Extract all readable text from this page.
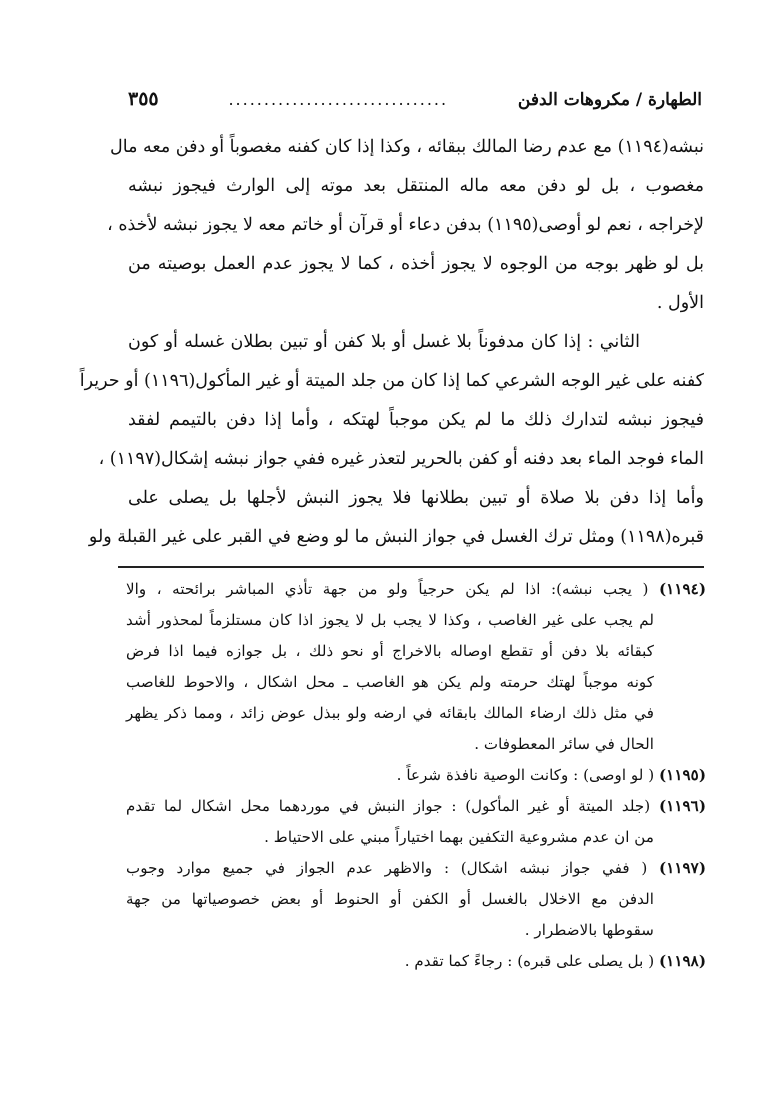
الطهارة / مكروهات الدفن
...............................
٣٥٥
نبشه(١١٩٤) مع عدم رضا المالك ببقائه ، وكذا إذا كان كفنه مغصوباً أو دفن معه مال
مغصوب ، بل لو دفن معه ماله المنتقل بعد موته إلى الوارث فيجوز نبشه
لإخراجه ، نعم لو أوصى(١١٩٥) بدفن دعاء أو قرآن أو خاتم معه لا يجوز نبشه لأخذه ،
بل لو ظهر بوجه من الوجوه لا يجوز أخذه ، كما لا يجوز عدم العمل بوصيته من
الأول .
الثاني : إذا كان مدفوناً بلا غسل أو بلا كفن أو تبين بطلان غسله أو كون
كفنه على غير الوجه الشرعي كما إذا كان من جلد الميتة أو غير المأكول(١١٩٦) أو حريراً
فيجوز نبشه لتدارك ذلك ما لم يكن موجباً لهتكه ، وأما إذا دفن بالتيمم لفقد
الماء فوجد الماء بعد دفنه أو كفن بالحرير لتعذر غيره ففي جواز نبشه إشكال(١١٩٧) ،
وأما إذا دفن بلا صلاة أو تبين بطلانها فلا يجوز النبش لأجلها بل يصلى على
قبره(١١٩٨) ومثل ترك الغسل في جواز النبش ما لو وضع في القبر على غير القبلة ولو
(١١٩٤) ( يجب نبشه): اذا لم يكن حرجياً ولو من جهة تأذي المباشر برائحته ، والا
لم يجب على غير الغاصب ، وكذا لا يجب بل لا يجوز اذا كان مستلزماً لمحذور أشد
كبقائه بلا دفن أو تقطع اوصاله بالاخراج أو نحو ذلك ، بل جوازه فيما اذا فرض
كونه موجباً لهتك حرمته ولم يكن هو الغاصب ـ محل اشكال ، والاحوط للغاصب
في مثل ذلك ارضاء المالك بابقائه في ارضه ولو ببذل عوض زائد ، ومما ذكر يظهر
الحال في سائر المعطوفات .
(١١٩٥) ( لو اوصى) : وكانت الوصية نافذة شرعاً .
(١١٩٦) (جلد الميتة أو غير المأكول) : جواز النبش في موردهما محل اشكال لما تقدم
من ان عدم مشروعية التكفين بهما اختياراً مبني على الاحتياط .
(١١٩٧) ( ففي جواز نبشه اشكال) : والاظهر عدم الجواز في جميع موارد وجوب
الدفن مع الاخلال بالغسل أو الكفن أو الحنوط أو بعض خصوصياتها من جهة
سقوطها بالاضطرار .
(١١٩٨) ( بل يصلى على قبره) : رجاءً كما تقدم .
